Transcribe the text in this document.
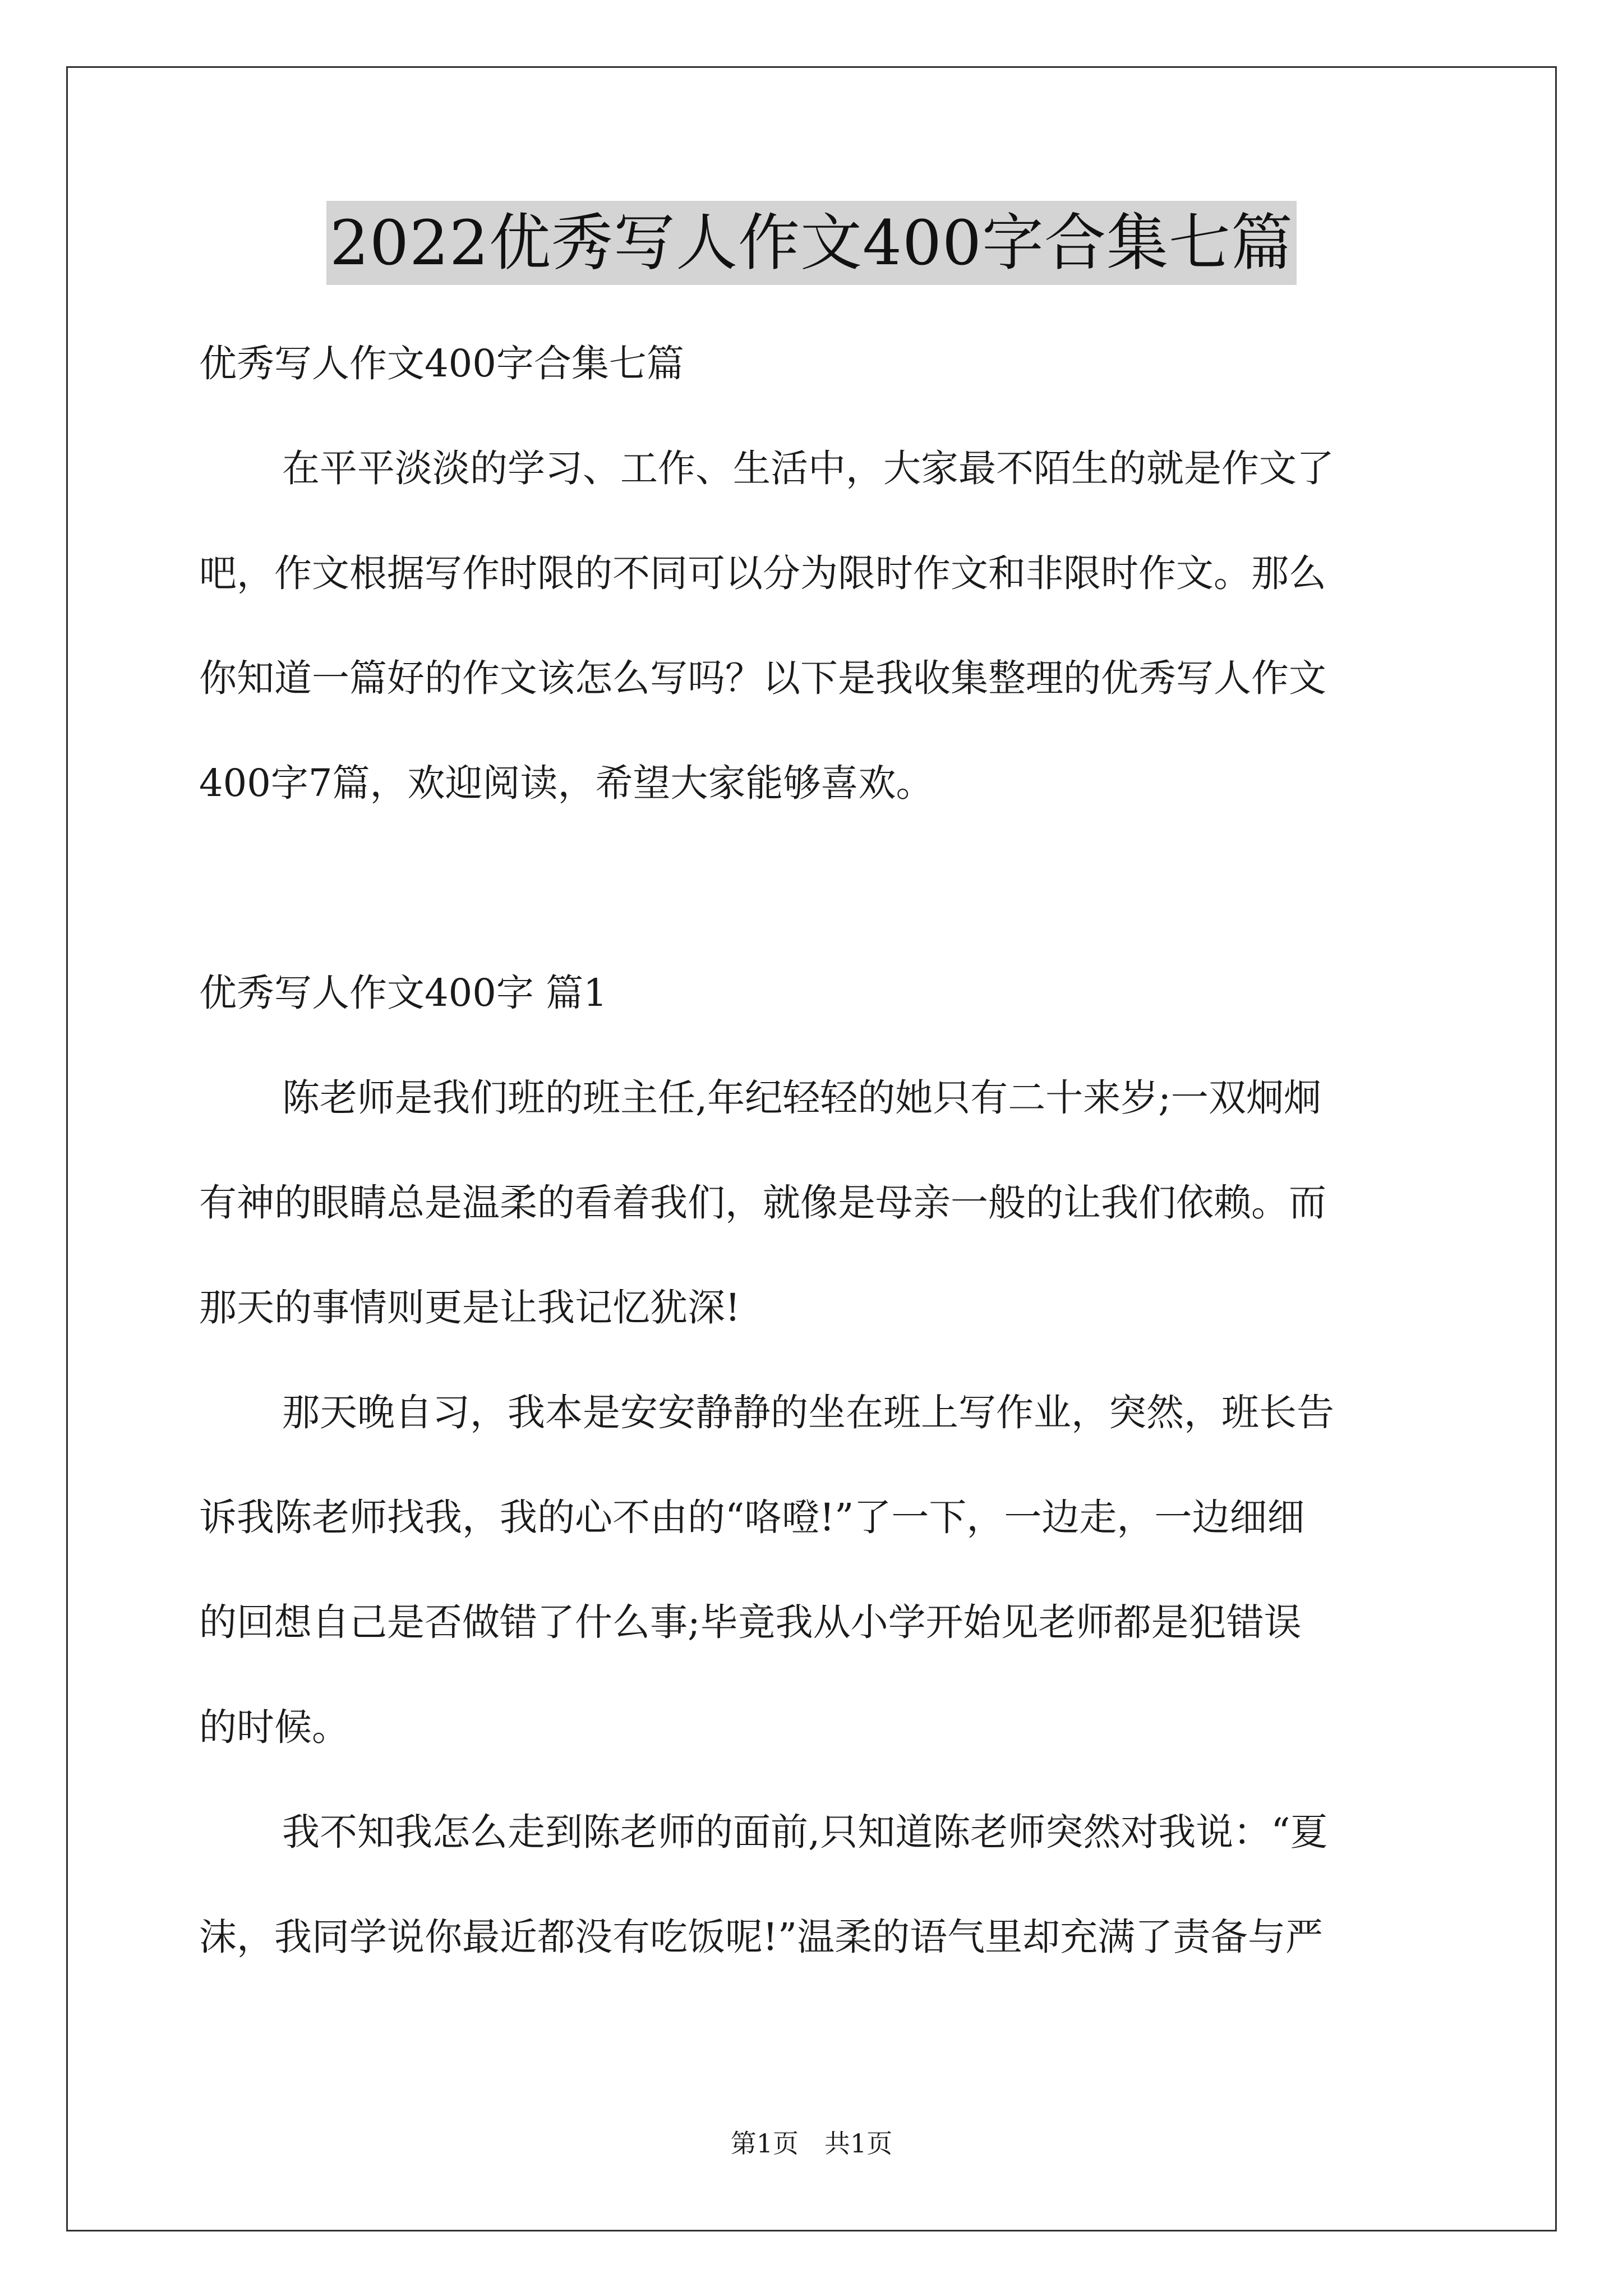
2022优秀写人作文400字合集七篇
优秀写人作文400字合集七篇
在平平淡淡的学习、工作、生活中，大家最不陌生的就是作文了
吧，作文根据写作时限的不同可以分为限时作文和非限时作文。那么
你知道一篇好的作文该怎么写吗？以下是我收集整理的优秀写人作文
400字7篇，欢迎阅读，希望大家能够喜欢。
优秀写人作文400字 篇1
陈老师是我们班的班主任,年纪轻轻的她只有二十来岁;一双炯炯
有神的眼睛总是温柔的看着我们，就像是母亲一般的让我们依赖。而
那天的事情则更是让我记忆犹深!
那天晚自习，我本是安安静静的坐在班上写作业，突然，班长告
诉我陈老师找我，我的心不由的“咯噔!”了一下，一边走，一边细细
的回想自己是否做错了什么事;毕竟我从小学开始见老师都是犯错误
的时候。
我不知我怎么走到陈老师的面前,只知道陈老师突然对我说：“夏
沫，我同学说你最近都没有吃饭呢!”温柔的语气里却充满了责备与严
第1页　共1页
